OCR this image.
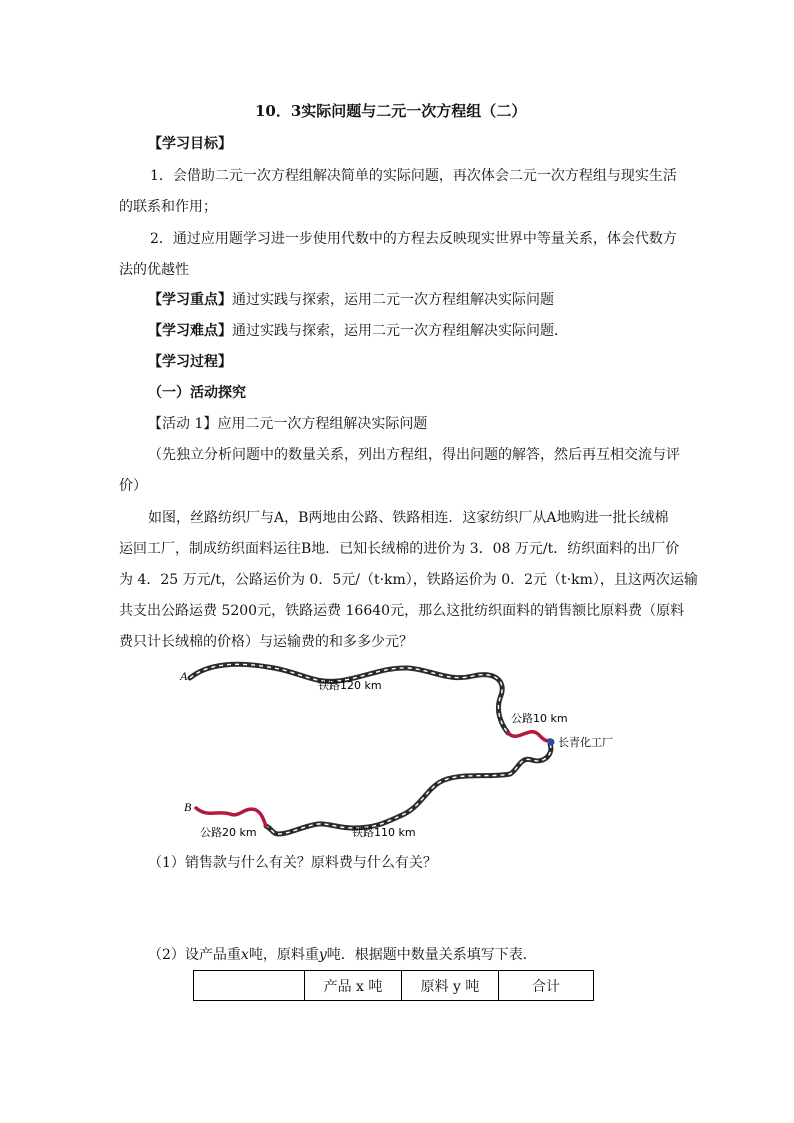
10．3实际问题与二元一次方程组（二）
【学习目标】
1．会借助二元一次方程组解决简单的实际问题，再次体会二元一次方程组与现实生活
的联系和作用；
2．通过应用题学习进一步使用代数中的方程去反映现实世界中等量关系，体会代数方
法的优越性
【学习重点】通过实践与探索，运用二元一次方程组解决实际问题
【学习难点】通过实践与探索，运用二元一次方程组解决实际问题．
【学习过程】
（一）活动探究
【活动 1】应用二元一次方程组解决实际问题
（先独立分析问题中的数量关系，列出方程组，得出问题的解答，然后再互相交流与评
价）
如图，丝路纺织厂与A，B两地由公路、铁路相连．这家纺织厂从A地购进一批长绒棉
运回工厂，制成纺织面料运往B地．已知长绒棉的进价为 3．08 万元/t．纺织面料的出厂价
为 4．25 万元/t，公路运价为 0．5元/（t·km），铁路运价为 0．2元（t·km），且这两次运输
共支出公路运费 5200元，铁路运费 16640元，那么这批纺织面料的销售额比原料费（原料
费只计长绒棉的价格）与运输费的和多多少元？
A
B
铁路120 km
公路10 km
长青化工厂
公路20 km	铁路110 km
（1）销售款与什么有关？原料费与什么有关？
（2）设产品重x吨，原料重y吨．根据题中数量关系填写下表．
	产品 x 吨	原料 y 吨	合计
